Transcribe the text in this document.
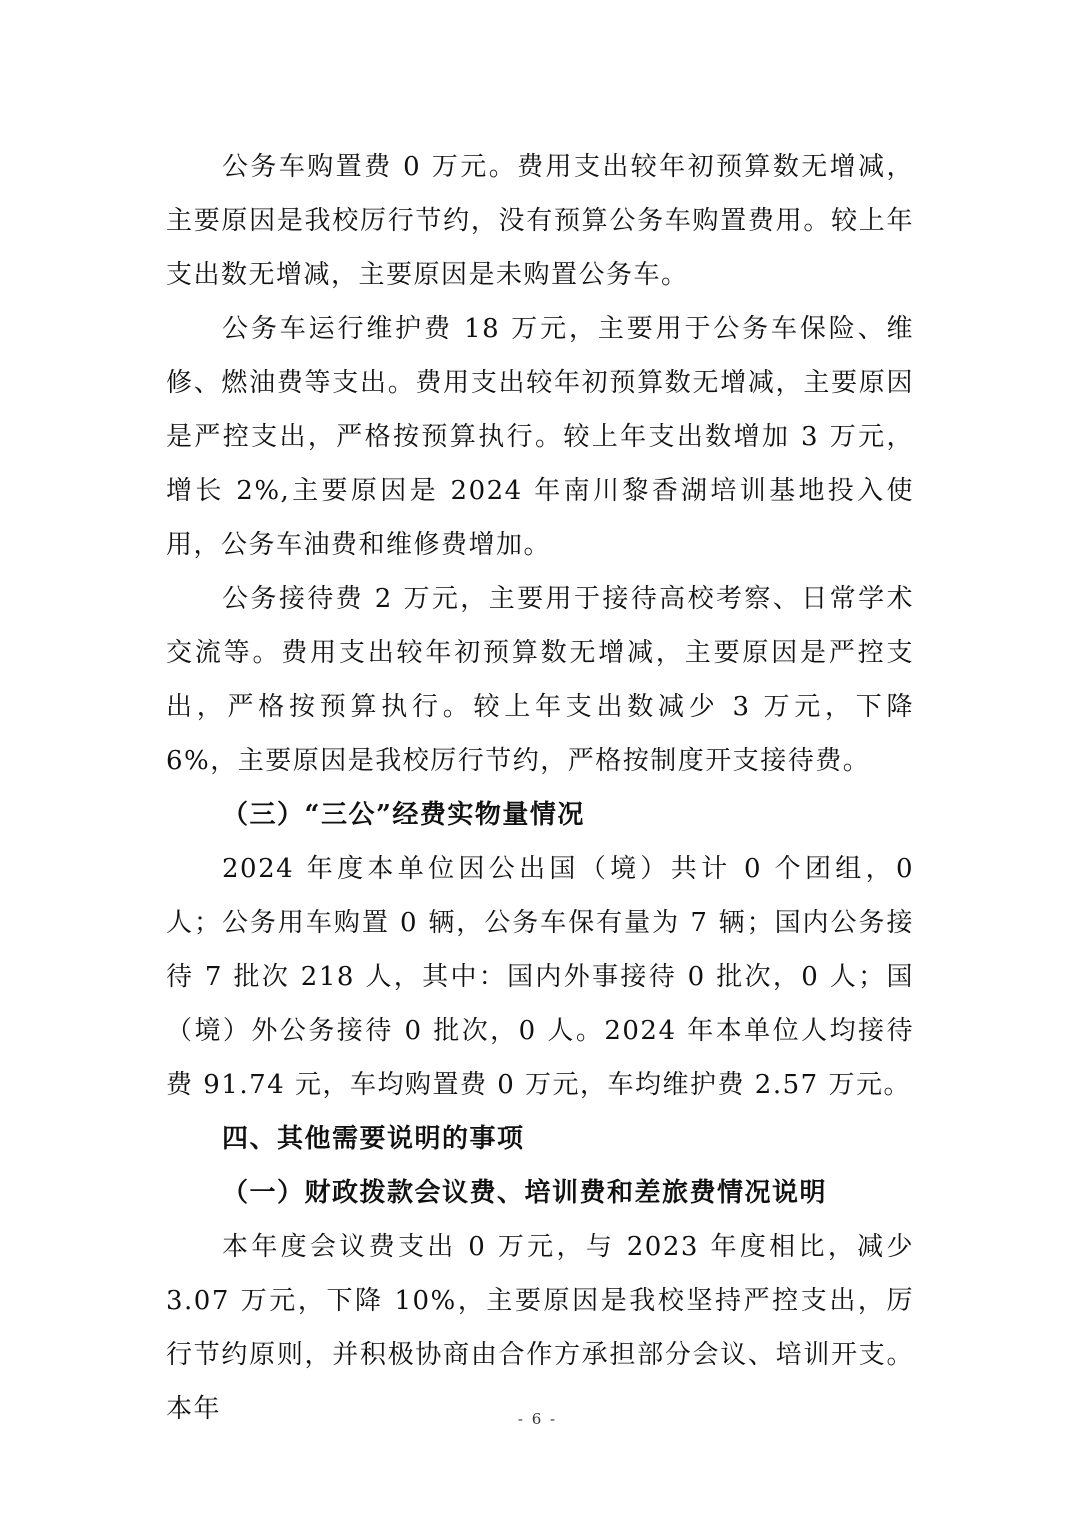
公务车购置费 0 万元。费用支出较年初预算数无增减，主要原因是我校厉行节约，没有预算公务车购置费用。较上年支出数无增减，主要原因是未购置公务车。

公务车运行维护费 18 万元，主要用于公务车保险、维修、燃油费等支出。费用支出较年初预算数无增减，主要原因是严控支出，严格按预算执行。较上年支出数增加 3 万元，增长 2%,主要原因是 2024 年南川黎香湖培训基地投入使用，公务车油费和维修费增加。

公务接待费 2 万元，主要用于接待高校考察、日常学术交流等。费用支出较年初预算数无增减，主要原因是严控支出，严格按预算执行。较上年支出数减少 3 万元，下降 6%，主要原因是我校厉行节约，严格按制度开支接待费。

（三）“三公”经费实物量情况

2024 年度本单位因公出国（境）共计 0 个团组，0 人；公务用车购置 0 辆，公务车保有量为 7 辆；国内公务接待 7 批次 218 人，其中：国内外事接待 0 批次，0 人；国（境）外公务接待 0 批次，0 人。2024 年本单位人均接待费 91.74 元，车均购置费 0 万元，车均维护费 2.57 万元。

四、其他需要说明的事项

（一）财政拨款会议费、培训费和差旅费情况说明

本年度会议费支出 0 万元，与 2023 年度相比，减少 3.07 万元，下降 10%，主要原因是我校坚持严控支出，厉行节约原则，并积极协商由合作方承担部分会议、培训开支。本年	- 6 -
